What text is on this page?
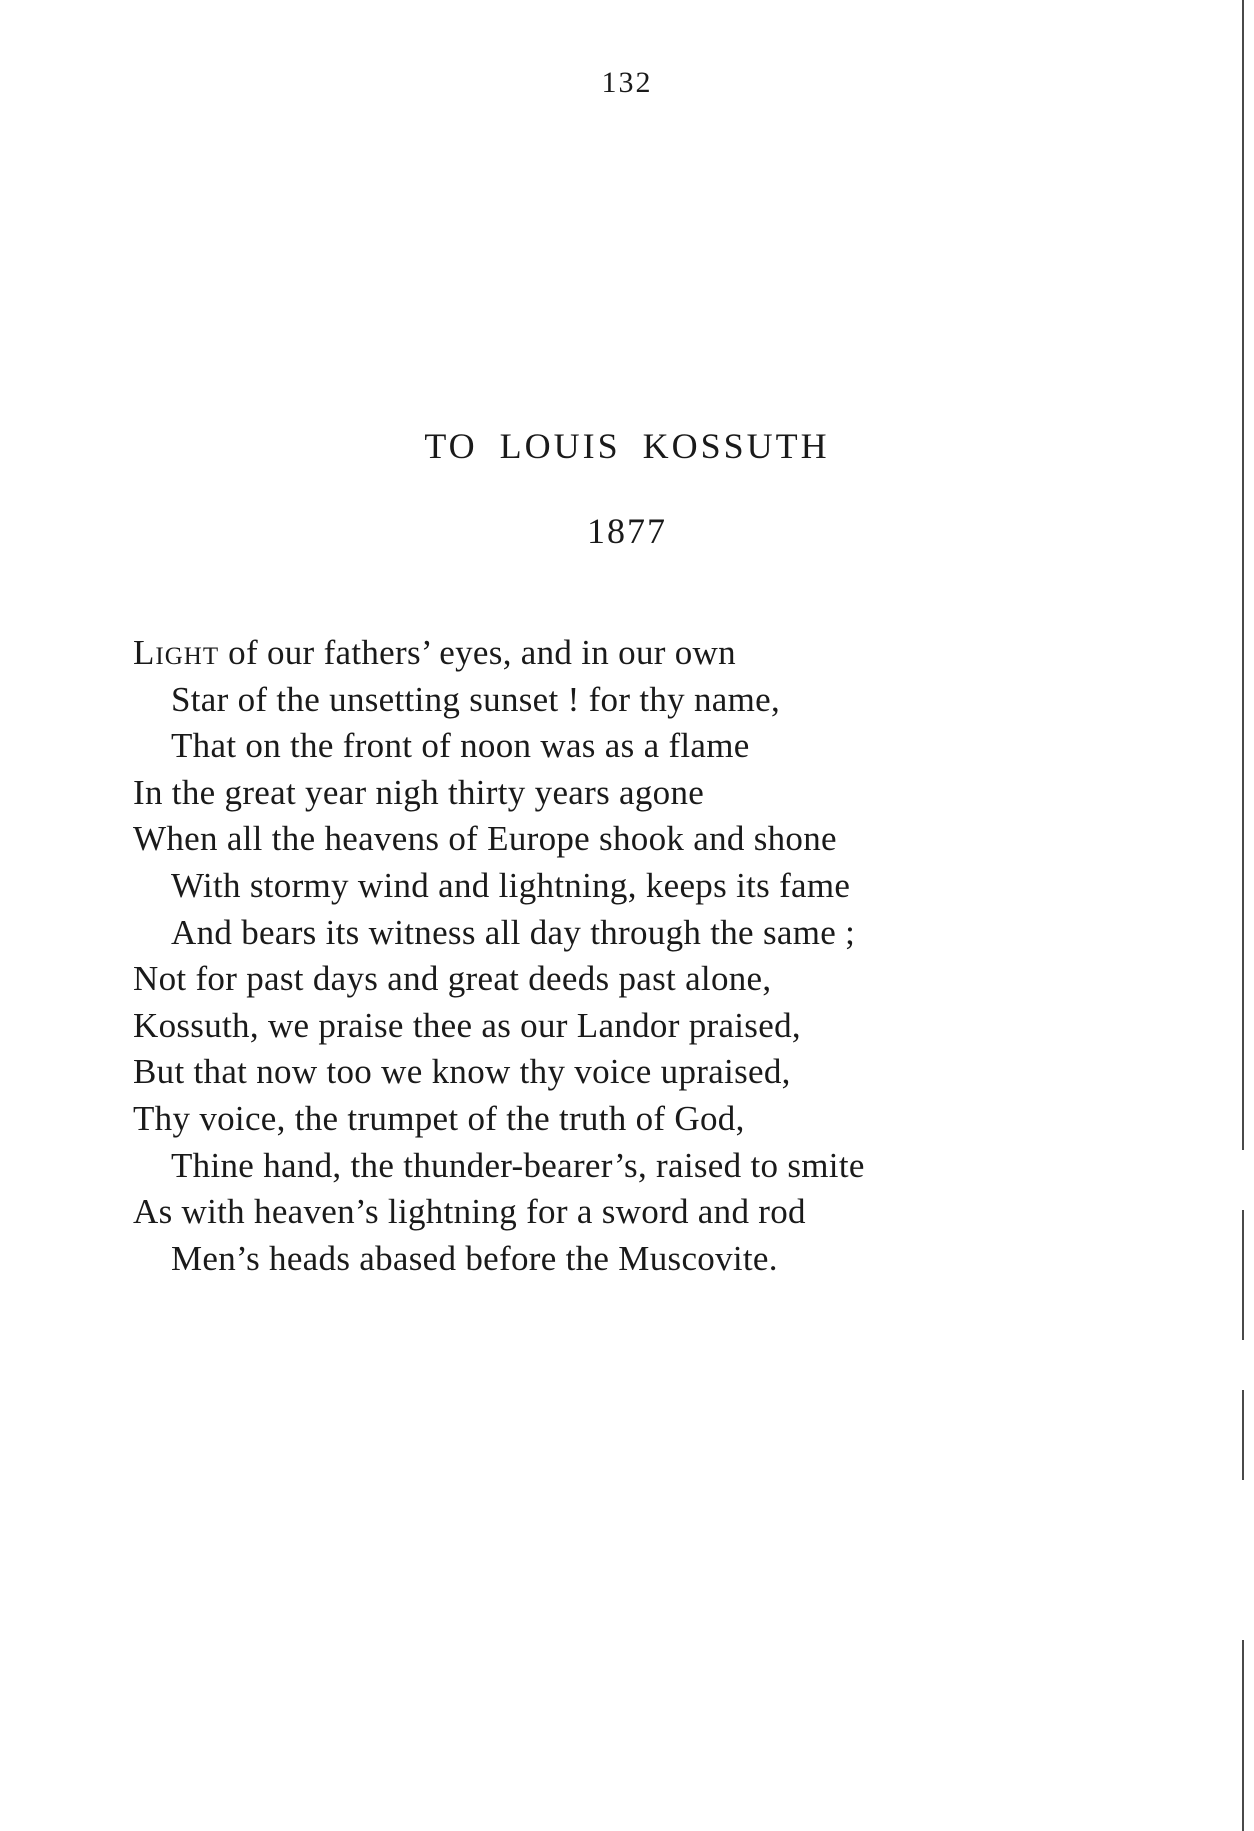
132
TO LOUIS KOSSUTH
1877
Light of our fathers’ eyes, and in our own
Star of the unsetting sunset ! for thy name,
That on the front of noon was as a flame
In the great year nigh thirty years agone
When all the heavens of Europe shook and shone
With stormy wind and lightning, keeps its fame
And bears its witness all day through the same ;
Not for past days and great deeds past alone,
Kossuth, we praise thee as our Landor praised,
But that now too we know thy voice upraised,
Thy voice, the trumpet of the truth of God,
Thine hand, the thunder-bearer’s, raised to smite
As with heaven’s lightning for a sword and rod
Men’s heads abased before the Muscovite.
